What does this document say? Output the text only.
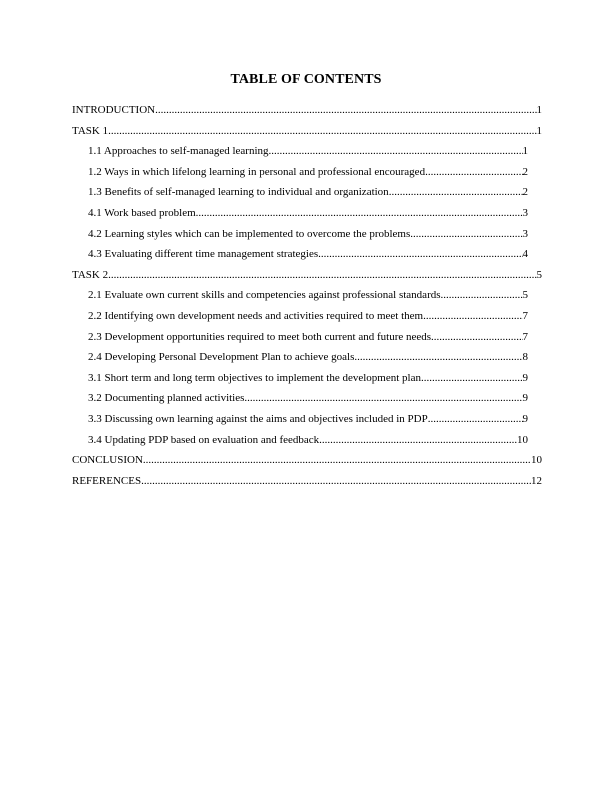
TABLE OF CONTENTS
INTRODUCTION .....	1
TASK 1 .....	1
1.1 Approaches to self-managed learning .....	1
1.2 Ways in which lifelong learning in personal and professional encouraged .....	2
1.3 Benefits of self-managed learning to individual and organization .....	2
4.1 Work based problem .....	3
4.2 Learning styles which can be implemented to overcome the problems .....	3
4.3 Evaluating different time management strategies .....	4
TASK 2 .....	5
2.1 Evaluate own current skills and competencies against professional standards .....	5
2.2 Identifying own development needs and activities required to meet them .....	7
2.3 Development opportunities required to meet both current and future needs .....	7
2.4 Developing Personal Development Plan to achieve goals .....	8
3.1 Short term and long term objectives to implement the development plan .....	9
3.2 Documenting planned activities .....	9
3.3 Discussing own learning against the aims and objectives included in PDP .....	9
3.4 Updating PDP based on evaluation and feedback .....	10
CONCLUSION .....	10
REFERENCES .....	12
